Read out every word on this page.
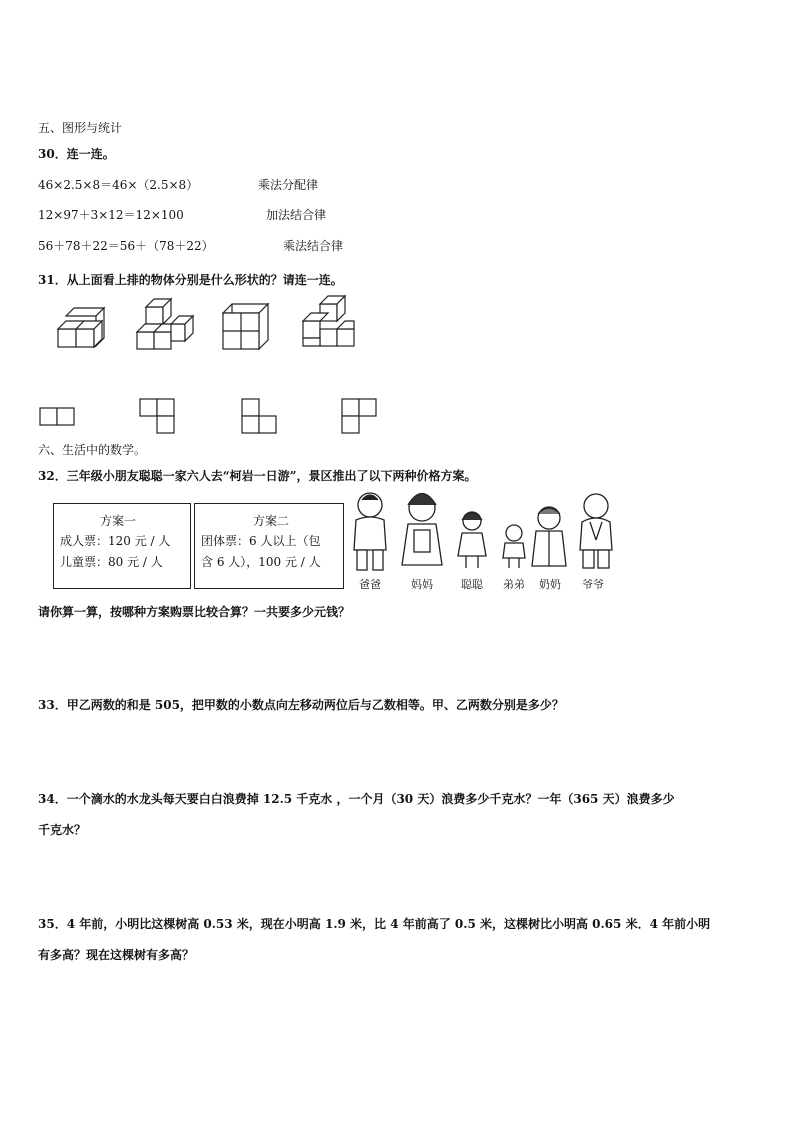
五、图形与统计
30．连一连。
46×2.5×8＝46×（2.5×8）	乘法分配律
12×97＋3×12＝12×100	加法结合律
56＋78＋22＝56＋（78＋22）	乘法结合律
31．从上面看上排的物体分别是什么形状的？请连一连。
六、生活中的数学。
32．三年级小朋友聪聪一家六人去“柯岩一日游”，景区推出了以下两种价格方案。
方案一
成人票：120 元 / 人
儿童票：80 元 / 人
方案二
团体票：6 人以上（包
含 6 人），100 元 / 人
爸爸	妈妈	聪聪	弟弟	奶奶	爷爷
请你算一算，按哪种方案购票比较合算？一共要多少元钱？
33．甲乙两数的和是 505，把甲数的小数点向左移动两位后与乙数相等。甲、乙两数分别是多少？
34．一个滴水的水龙头每天要白白浪费掉 12.5 千克水 ，一个月（30 天）浪费多少千克水？一年（365 天）浪费多少
千克水？
35．4 年前，小明比这棵树高 0.53 米，现在小明高 1.9 米，比 4 年前高了 0.5 米，这棵树比小明高 0.65 米．4 年前小明
有多高？现在这棵树有多高？
